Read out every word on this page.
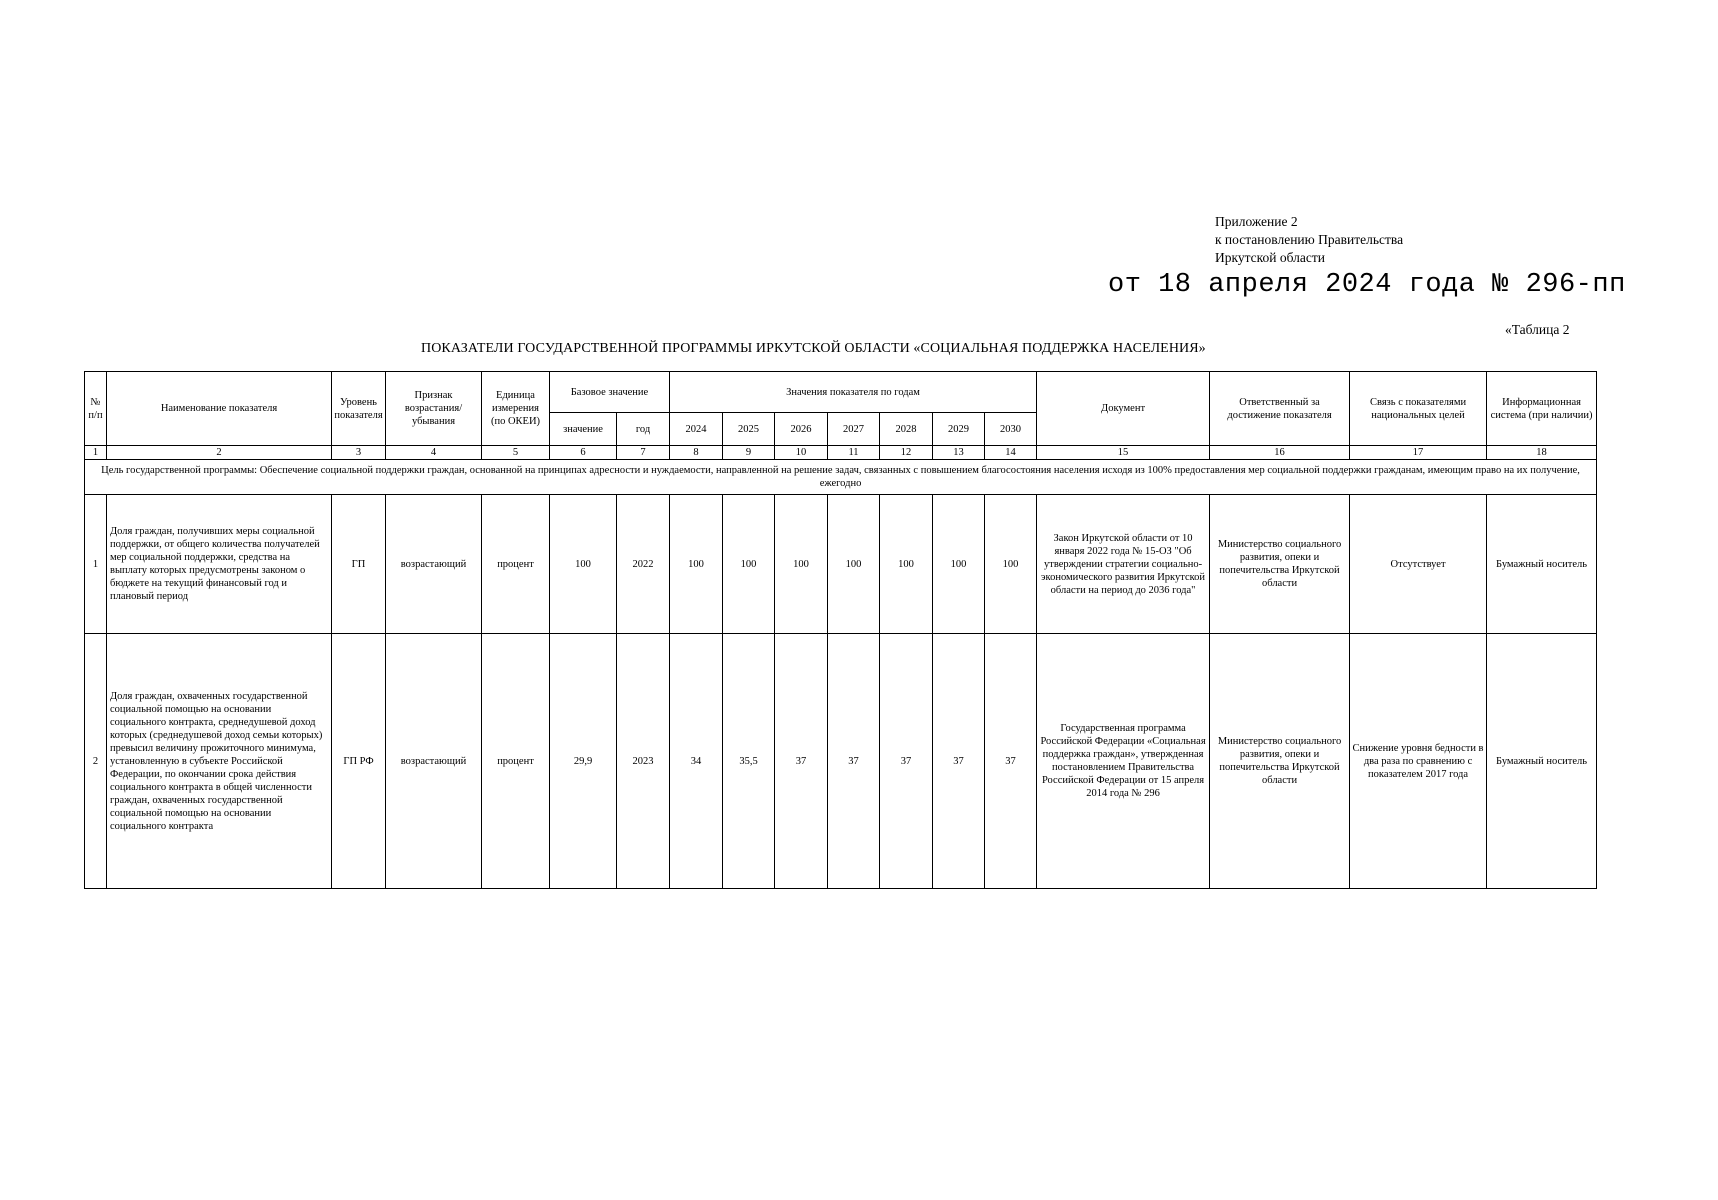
Приложение 2
к постановлению Правительства
Иркутской области
от 18 апреля 2024 года № 296-пп
«Таблица 2
ПОКАЗАТЕЛИ ГОСУДАРСТВЕННОЙ ПРОГРАММЫ ИРКУТСКОЙ ОБЛАСТИ «СОЦИАЛЬНАЯ ПОДДЕРЖКА НАСЕЛЕНИЯ»
№ п/п	Наименование показателя	Уровень показателя	Признак возрастания/убывания	Единица измерения (по ОКЕИ)	Базовое значение		Значения показателя по годам							Документ	Ответственный за достижение показателя	Связь с показателями национальных целей	Информационная система (при наличии)
					значение	год	2024	2025	2026	2027	2028	2029	2030				
1	2	3	4	5	6	7	8	9	10	11	12	13	14	15	16	17	18
Цель государственной программы: Обеспечение социальной поддержки граждан, основанной на принципах адресности и нуждаемости, направленной на решение задач, связанных с повышением благосостояния населения исходя из 100% предоставления мер социальной поддержки гражданам, имеющим право на их получение, ежегодно																	
1	Доля граждан, получивших меры социальной поддержки, от общего количества получателей мер социальной поддержки, средства на выплату которых предусмотрены законом о бюджете на текущий финансовый год и плановый период	ГП	возрастающий	процент	100	2022	100	100	100	100	100	100	100	Закон Иркутской области от 10 января 2022 года № 15-ОЗ "Об утверждении стратегии социально-экономического развития Иркутской области на период до 2036 года"	Министерство социального развития, опеки и попечительства Иркутской области	Отсутствует	Бумажный носитель
2	Доля граждан, охваченных государственной социальной помощью на основании социального контракта, среднедушевой доход которых (среднедушевой доход семьи которых) превысил величину прожиточного минимума, установленную в субъекте Российской Федерации, по окончании срока действия социального контракта в общей численности граждан, охваченных государственной социальной помощью на основании социального контракта	ГП РФ	возрастающий	процент	29,9	2023	34	35,5	37	37	37	37	37	Государственная программа Российской Федерации «Социальная поддержка граждан», утвержденная постановлением Правительства Российской Федерации от 15 апреля 2014 года № 296	Министерство социального развития, опеки и попечительства Иркутской области	Снижение уровня бедности в два раза по сравнению с показателем 2017 года	Бумажный носитель
